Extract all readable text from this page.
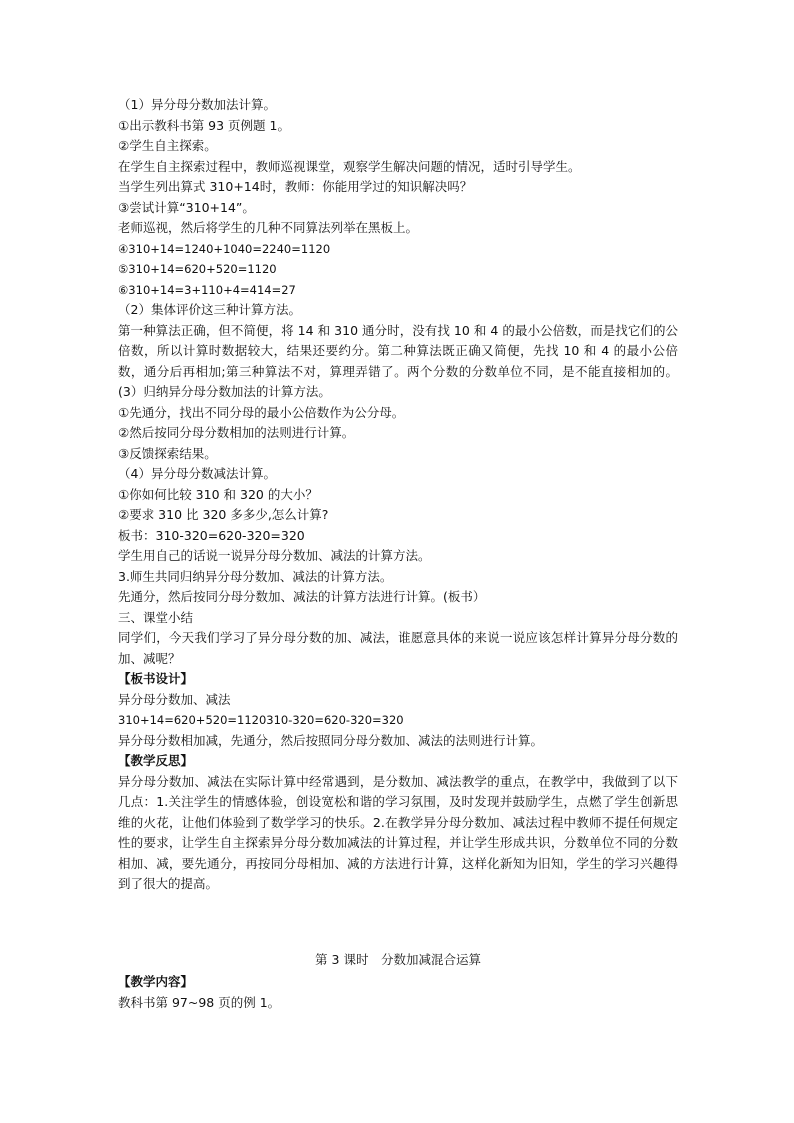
（1）异分母分数加法计算。
①出示教科书第 93 页例题 1。
②学生自主探索。
在学生自主探索过程中，教师巡视课堂，观察学生解决问题的情况，适时引导学生。
当学生列出算式 310+14时，教师：你能用学过的知识解决吗？
③尝试计算“310+14”。
老师巡视，然后将学生的几种不同算法列举在黑板上。
④310+14=1240+1040=2240=1120
⑤310+14=620+520=1120
⑥310+14=3+110+4=414=27
（2）集体评价这三种计算方法。
第一种算法正确，但不简便，将 14 和 310 通分时，没有找 10 和 4 的最小公倍数，而是找它们的公倍数，所以计算时数据较大，结果还要约分。第二种算法既正确又简便，先找 10 和 4 的最小公倍数，通分后再相加;第三种算法不对，算理弄错了。两个分数的分数单位不同，是不能直接相加的。(3）归纳异分母分数加法的计算方法。
①先通分，找出不同分母的最小公倍数作为公分母。
②然后按同分母分数相加的法则进行计算。
③反馈探索结果。
（4）异分母分数减法计算。
①你如何比较 310 和 320 的大小？
②要求 310 比 320 多多少,怎么计算?
板书：310-320=620-320=320
学生用自己的话说一说异分母分数加、减法的计算方法。
3.师生共同归纳异分母分数加、减法的计算方法。
先通分，然后按同分母分数加、减法的计算方法进行计算。(板书）
三、课堂小结
同学们，今天我们学习了异分母分数的加、减法，谁愿意具体的来说一说应该怎样计算异分母分数的加、减呢？
【板书设计】
异分母分数加、减法
310+14=620+520=1120310-320=620-320=320
异分母分数相加减，先通分，然后按照同分母分数加、减法的法则进行计算。
【教学反思】
异分母分数加、减法在实际计算中经常遇到，是分数加、减法教学的重点，在教学中，我做到了以下几点：1.关注学生的情感体验，创设宽松和谐的学习氛围，及时发现并鼓励学生，点燃了学生创新思维的火花，让他们体验到了数学学习的快乐。2.在教学异分母分数加、减法过程中教师不提任何规定性的要求，让学生自主探索异分母分数加减法的计算过程，并让学生形成共识，分数单位不同的分数相加、减，要先通分，再按同分母相加、减的方法进行计算，这样化新知为旧知，学生的学习兴趣得到了很大的提高。
第 3 课时　分数加减混合运算
【教学内容】
教科书第 97~98 页的例 1。
